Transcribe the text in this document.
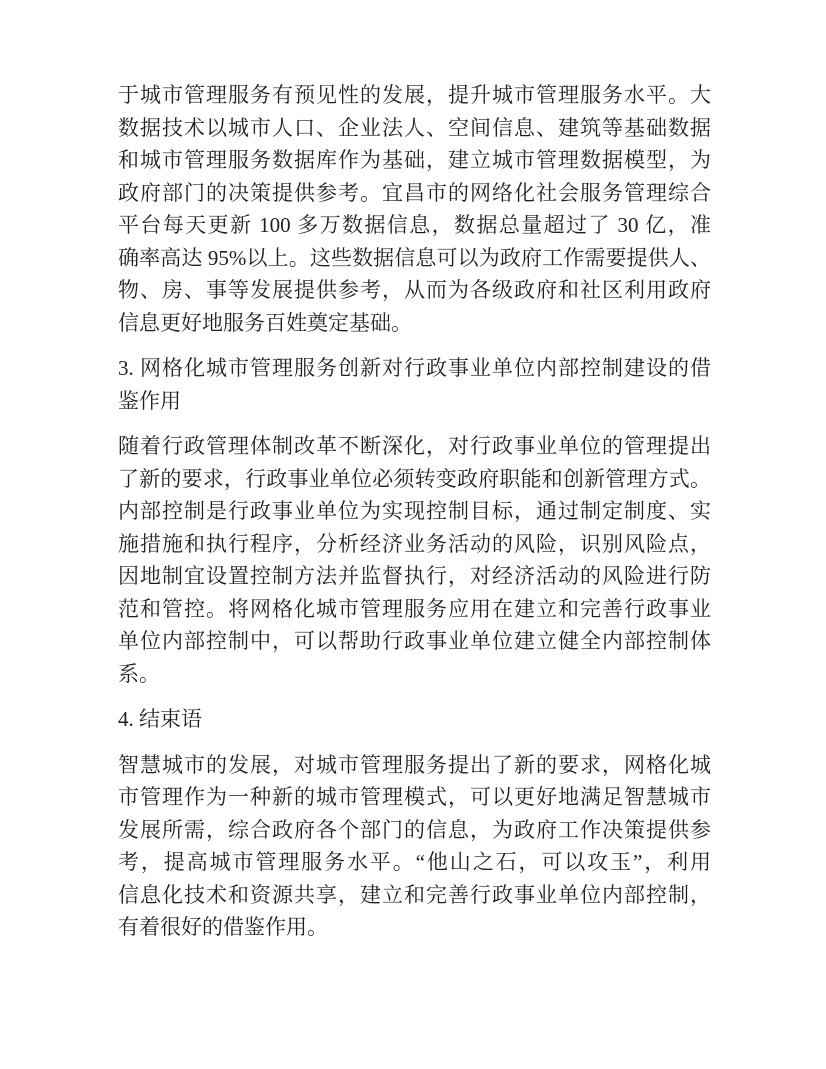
于城市管理服务有预见性的发展，提升城市管理服务水平。大
数据技术以城市人口、企业法人、空间信息、建筑等基础数据
和城市管理服务数据库作为基础，建立城市管理数据模型，为
政府部门的决策提供参考。宜昌市的网络化社会服务管理综合
平台每天更新 100 多万数据信息，数据总量超过了 30 亿，准
确率高达 95%以上。这些数据信息可以为政府工作需要提供人、
物、房、事等发展提供参考，从而为各级政府和社区利用政府
信息更好地服务百姓奠定基础。
3. 网格化城市管理服务创新对行政事业单位内部控制建设的借
鉴作用
随着行政管理体制改革不断深化，对行政事业单位的管理提出
了新的要求，行政事业单位必须转变政府职能和创新管理方式。
内部控制是行政事业单位为实现控制目标，通过制定制度、实
施措施和执行程序，分析经济业务活动的风险，识别风险点，
因地制宜设置控制方法并监督执行，对经济活动的风险进行防
范和管控。将网格化城市管理服务应用在建立和完善行政事业
单位内部控制中，可以帮助行政事业单位建立健全内部控制体
系。
4. 结束语
智慧城市的发展，对城市管理服务提出了新的要求，网格化城
市管理作为一种新的城市管理模式，可以更好地满足智慧城市
发展所需，综合政府各个部门的信息，为政府工作决策提供参
考，提高城市管理服务水平。“他山之石，可以攻玉”，利用
信息化技术和资源共享，建立和完善行政事业单位内部控制，
有着很好的借鉴作用。
